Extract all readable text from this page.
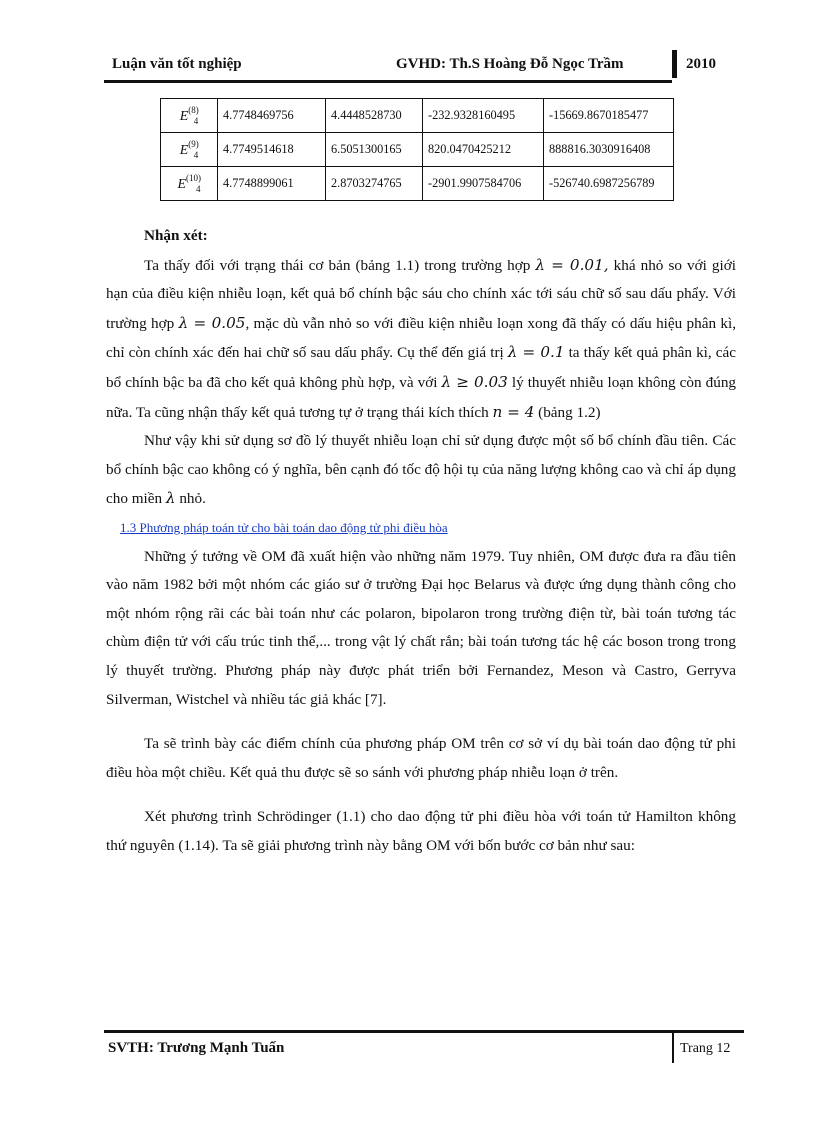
Luận văn tốt nghiệp	GVHD: Th.S Hoàng Đỗ Ngọc Trầm	2010
$E^{(8)}_4$	4.7748469756	4.4448528730	-232.9328160495	-15669.8670185477
$E^{(9)}_4$	4.7749514618	6.5051300165	820.0470425212	888816.3030916408
$E^{(10)}_4$	4.7748899061	2.8703274765	-2901.9907584706	-526740.6987256789

Nhận xét:

Ta thấy đối với trạng thái cơ bản (bảng 1.1) trong trường hợp λ = 0.01, khá nhỏ so với giới hạn của điều kiện nhiễu loạn, kết quả bổ chính bậc sáu cho chính xác tới sáu chữ số sau dấu phẩy. Với trường hợp λ = 0.05, mặc dù vẫn nhỏ so với điều kiện nhiễu loạn xong đã thấy có dấu hiệu phân kì, chỉ còn chính xác đến hai chữ số sau dấu phẩy. Cụ thể đến giá trị λ = 0.1 ta thấy kết quả phân kì, các bổ chính bậc ba đã cho kết quả không phù hợp, và với λ ≥ 0.03 lý thuyết nhiễu loạn không còn đúng nữa. Ta cũng nhận thấy kết quả tương tự ở trạng thái kích thích n = 4 (bảng 1.2)

Như vậy khi sử dụng sơ đồ lý thuyết nhiễu loạn chỉ sử dụng được một số bổ chính đầu tiên. Các bổ chính bậc cao không có ý nghĩa, bên cạnh đó tốc độ hội tụ của năng lượng không cao và chỉ áp dụng cho miền λ nhỏ.

1.3 Phương pháp toán tử cho bài toán dao động tử phi điều hòa

Những ý tưởng về OM đã xuất hiện vào những năm 1979. Tuy nhiên, OM được đưa ra đầu tiên vào năm 1982 bởi một nhóm các giáo sư ở trường Đại học Belarus và được ứng dụng thành công cho một nhóm rộng rãi các bài toán như các polaron, bipolaron trong trường điện từ, bài toán tương tác chùm điện tử với cấu trúc tinh thể,... trong vật lý chất rắn; bài toán tương tác hệ các boson trong trong lý thuyết trường. Phương pháp này được phát triển bởi Fernandez, Meson và Castro, Gerryva Silverman, Wistchel và nhiều tác giả khác [7].

Ta sẽ trình bày các điểm chính của phương pháp OM trên cơ sở ví dụ bài toán dao động tử phi điều hòa một chiều. Kết quả thu được sẽ so sánh với phương pháp nhiễu loạn ở trên.

Xét phương trình Schrödinger (1.1) cho dao động tử phi điều hòa với toán tử Hamilton không thứ nguyên (1.14). Ta sẽ giải phương trình này bằng OM với bốn bước cơ bản như sau:

SVTH: Trương Mạnh Tuấn	Trang 12
